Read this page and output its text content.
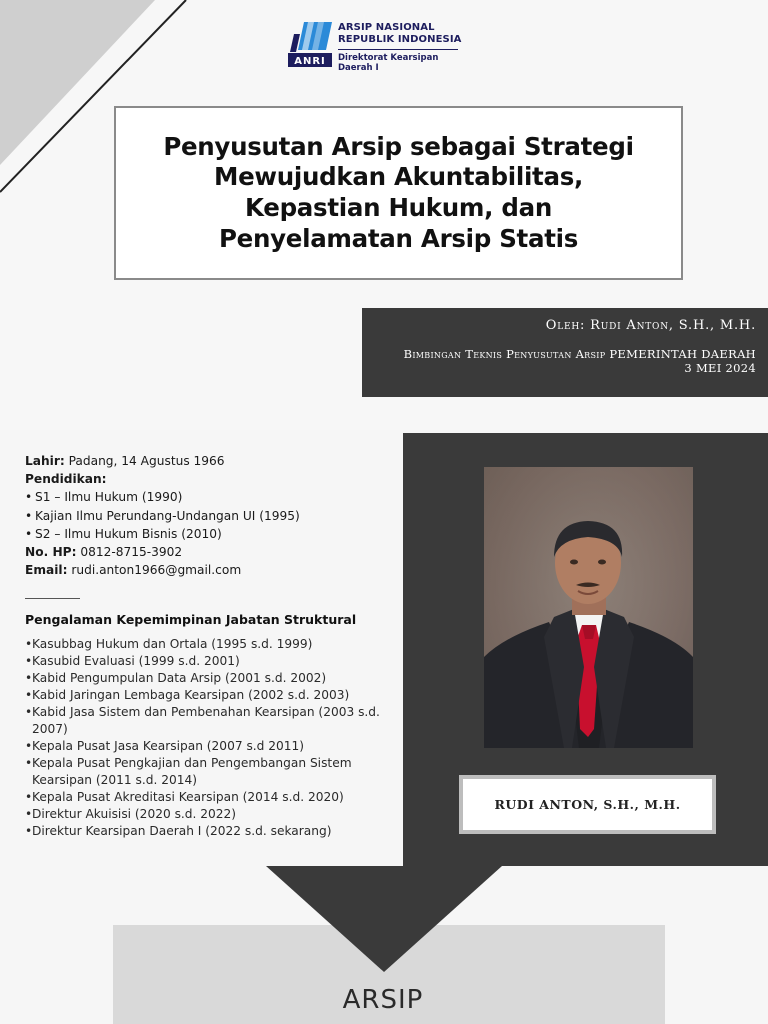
ANRI
ARSIP NASIONAL
REPUBLIK INDONESIA
Direktorat Kearsipan Daerah I
Penyusutan Arsip sebagai Strategi
Mewujudkan Akuntabilitas,
Kepastian Hukum, dan
Penyelamatan Arsip Statis
Oleh: Rudi Anton, S.H., M.H.
Bimbingan Teknis Penyusutan Arsip PEMERINTAH DAERAH
3 MEI 2024
RUDI ANTON, S.H., M.H.
Lahir: Padang, 14 Agustus 1966
Pendidikan:
• S1 – Ilmu Hukum (1990)
• Kajian Ilmu Perundang-Undangan UI (1995)
• S2 – Ilmu Hukum Bisnis (2010)
No. HP: 0812-8715-3902
Email: rudi.anton1966@gmail.com
Pengalaman Kepemimpinan Jabatan Struktural
• Kasubbag Hukum dan Ortala (1995 s.d. 1999)
• Kasubid Evaluasi (1999 s.d. 2001)
• Kabid Pengumpulan Data Arsip (2001 s.d. 2002)
• Kabid Jaringan Lembaga Kearsipan (2002 s.d. 2003)
• Kabid Jasa Sistem dan Pembenahan Kearsipan (2003 s.d. 2007)
• Kepala Pusat Jasa Kearsipan (2007 s.d 2011)
• Kepala Pusat Pengkajian dan Pengembangan Sistem Kearsipan (2011 s.d. 2014)
• Kepala Pusat Akreditasi Kearsipan (2014 s.d. 2020)
• Direktur Akuisisi (2020 s.d. 2022)
• Direktur Kearsipan Daerah I (2022 s.d. sekarang)
ARSIP
